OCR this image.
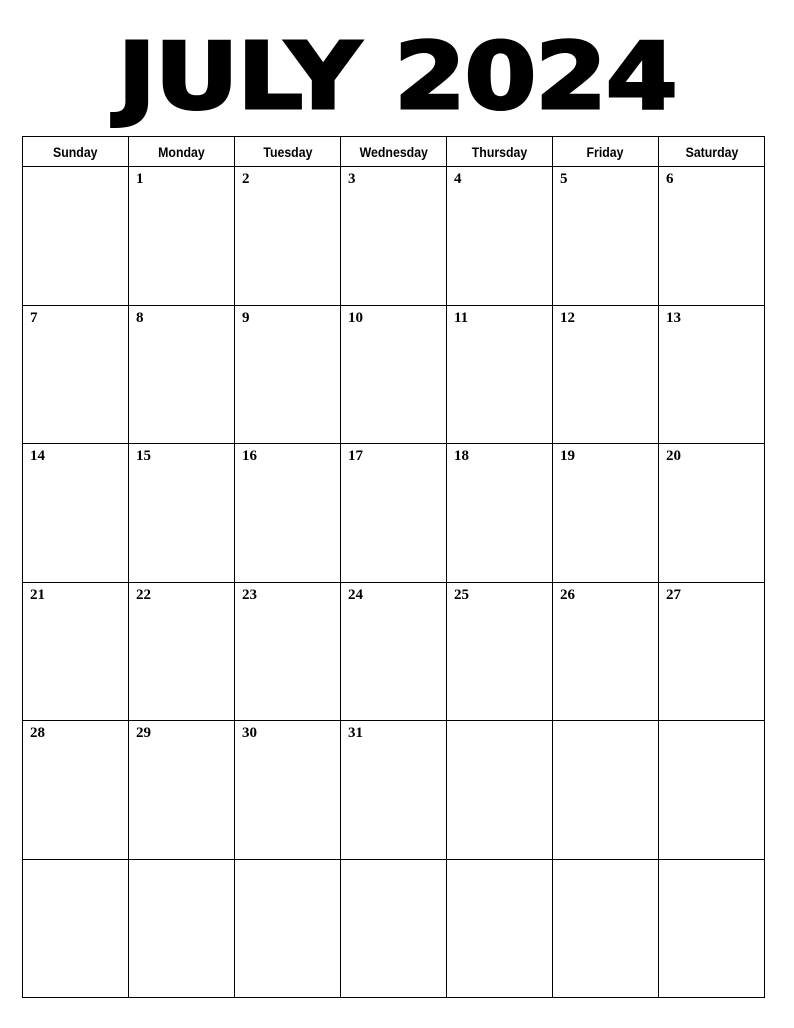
JULY 2024
Sunday	Monday	Tuesday	Wednesday	Thursday	Friday	Saturday

	1	2	3	4	5	6

7	8	9	10	11	12	13

14	15	16	17	18	19	20

21	22	23	24	25	26	27

28	29	30	31			
